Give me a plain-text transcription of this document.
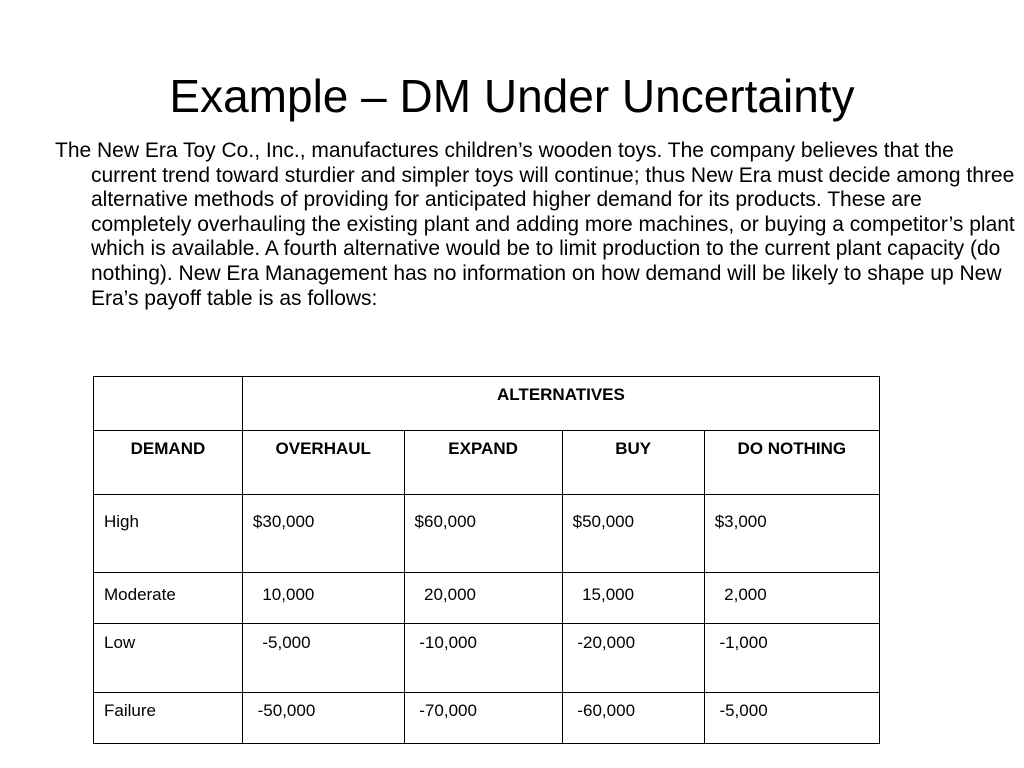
Example – DM Under Uncertainty

The New Era Toy Co., Inc., manufactures children’s wooden toys. The company believes that the current trend toward sturdier and simpler toys will continue; thus New Era must decide among three alternative methods of providing for anticipated higher demand for its products. These are completely overhauling the existing plant and adding more machines, or buying a competitor’s plant which is available. A fourth alternative would be to limit production to the current plant capacity (do nothing). New Era Management has no information on how demand will be likely to shape up New Era’s payoff table is as follows:

	ALTERNATIVES			
DEMAND	OVERHAUL	EXPAND	BUY	DO NOTHING
High	$30,000	$60,000	$50,000	$3,000
Moderate	10,000	20,000	15,000	2,000
Low	-5,000	-10,000	-20,000	-1,000
Failure	-50,000	-70,000	-60,000	-5,000
